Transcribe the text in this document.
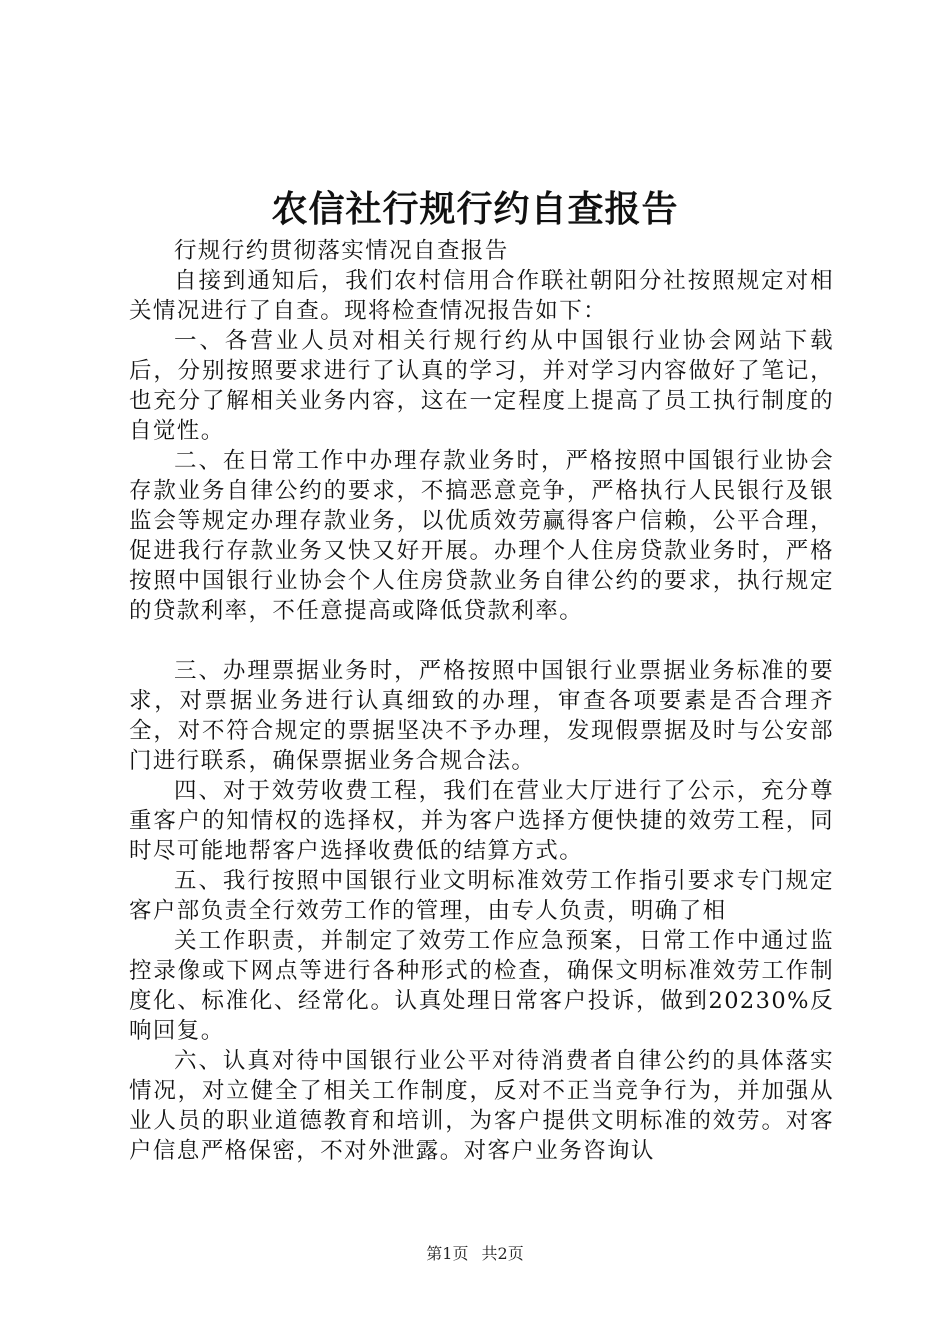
农信社行规行约自查报告

行规行约贯彻落实情况自查报告

自接到通知后，我们农村信用合作联社朝阳分社按照规定对相关情况进行了自查。现将检查情况报告如下：

一、各营业人员对相关行规行约从中国银行业协会网站下载后，分别按照要求进行了认真的学习，并对学习内容做好了笔记，也充分了解相关业务内容，这在一定程度上提高了员工执行制度的自觉性。

二、在日常工作中办理存款业务时，严格按照中国银行业协会存款业务自律公约的要求，不搞恶意竞争，严格执行人民银行及银监会等规定办理存款业务，以优质效劳赢得客户信赖，公平合理，促进我行存款业务又快又好开展。办理个人住房贷款业务时，严格按照中国银行业协会个人住房贷款业务自律公约的要求，执行规定的贷款利率，不任意提高或降低贷款利率。

三、办理票据业务时，严格按照中国银行业票据业务标准的要求，对票据业务进行认真细致的办理，审查各项要素是否合理齐全，对不符合规定的票据坚决不予办理，发现假票据及时与公安部门进行联系，确保票据业务合规合法。

四、对于效劳收费工程，我们在营业大厅进行了公示，充分尊重客户的知情权的选择权，并为客户选择方便快捷的效劳工程，同时尽可能地帮客户选择收费低的结算方式。

五、我行按照中国银行业文明标准效劳工作指引要求专门规定客户部负责全行效劳工作的管理，由专人负责，明确了相

关工作职责，并制定了效劳工作应急预案，日常工作中通过监控录像或下网点等进行各种形式的检查，确保文明标准效劳工作制度化、标准化、经常化。认真处理日常客户投诉，做到20230%反响回复。

六、认真对待中国银行业公平对待消费者自律公约的具体落实情况，对立健全了相关工作制度，反对不正当竞争行为，并加强从业人员的职业道德教育和培训，为客户提供文明标准的效劳。对客户信息严格保密，不对外泄露。对客户业务咨询认

第1页 共2页
